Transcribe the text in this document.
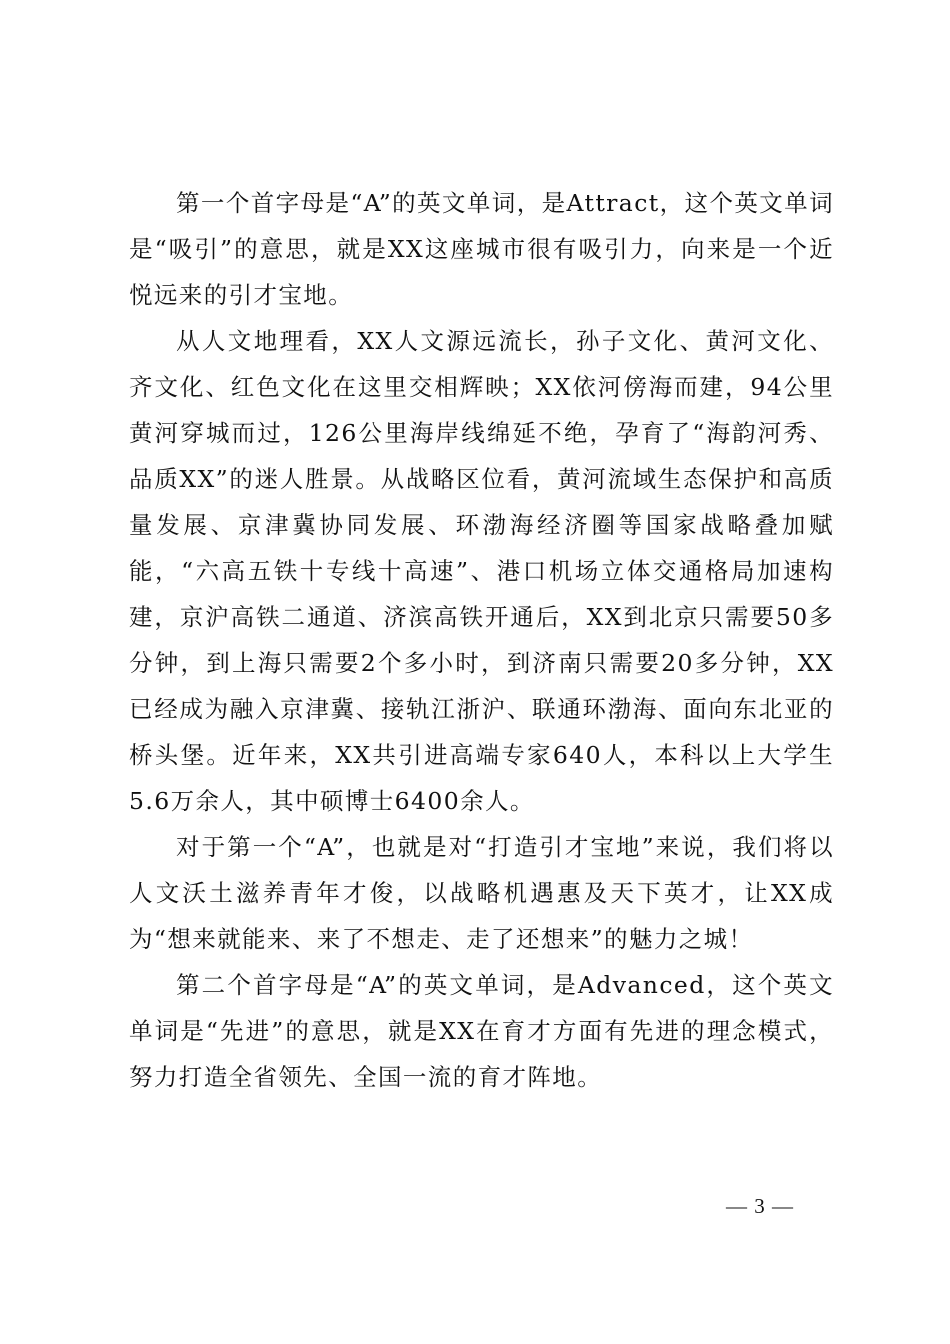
第一个首字母是“A”的英文单词，是Attract，这个英文单词是“吸引”的意思，就是XX这座城市很有吸引力，向来是一个近悦远来的引才宝地。

从人文地理看，XX人文源远流长，孙子文化、黄河文化、齐文化、红色文化在这里交相辉映；XX依河傍海而建，94公里黄河穿城而过，126公里海岸线绵延不绝，孕育了“海韵河秀、品质XX”的迷人胜景。从战略区位看，黄河流域生态保护和高质量发展、京津冀协同发展、环渤海经济圈等国家战略叠加赋能，“六高五铁十专线十高速”、港口机场立体交通格局加速构建，京沪高铁二通道、济滨高铁开通后，XX到北京只需要50多分钟，到上海只需要2个多小时，到济南只需要20多分钟，XX已经成为融入京津冀、接轨江浙沪、联通环渤海、面向东北亚的桥头堡。近年来，XX共引进高端专家640人，本科以上大学生5.6万余人，其中硕博士6400余人。

对于第一个“A”，也就是对“打造引才宝地”来说，我们将以人文沃土滋养青年才俊，以战略机遇惠及天下英才，让XX成为“想来就能来、来了不想走、走了还想来”的魅力之城！

第二个首字母是“A”的英文单词，是Advanced，这个英文单词是“先进”的意思，就是XX在育才方面有先进的理念模式，努力打造全省领先、全国一流的育才阵地。

— 3 —
